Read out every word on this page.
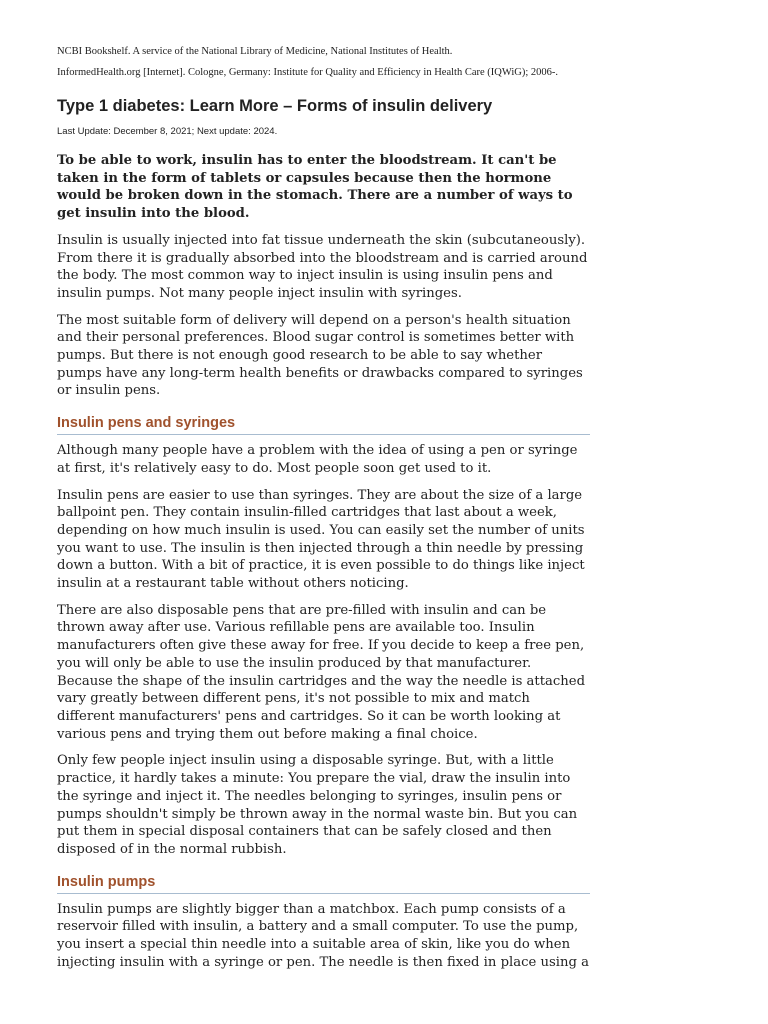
NCBI Bookshelf. A service of the National Library of Medicine, National Institutes of Health.

InformedHealth.org [Internet]. Cologne, Germany: Institute for Quality and Efficiency in Health Care (IQWiG); 2006-.

Type 1 diabetes: Learn More – Forms of insulin delivery

Last Update: December 8, 2021; Next update: 2024.

To be able to work, insulin has to enter the bloodstream. It can't be taken in the form of tablets or capsules because then the hormone would be broken down in the stomach. There are a number of ways to get insulin into the blood.

Insulin is usually injected into fat tissue underneath the skin (subcutaneously). From there it is gradually absorbed into the bloodstream and is carried around the body. The most common way to inject insulin is using insulin pens and insulin pumps. Not many people inject insulin with syringes.

The most suitable form of delivery will depend on a person's health situation and their personal preferences. Blood sugar control is sometimes better with pumps. But there is not enough good research to be able to say whether pumps have any long-term health benefits or drawbacks compared to syringes or insulin pens.

Insulin pens and syringes

Although many people have a problem with the idea of using a pen or syringe at first, it's relatively easy to do. Most people soon get used to it.

Insulin pens are easier to use than syringes. They are about the size of a large ballpoint pen. They contain insulin-filled cartridges that last about a week, depending on how much insulin is used. You can easily set the number of units you want to use. The insulin is then injected through a thin needle by pressing down a button. With a bit of practice, it is even possible to do things like inject insulin at a restaurant table without others noticing.

There are also disposable pens that are pre-filled with insulin and can be thrown away after use. Various refillable pens are available too. Insulin manufacturers often give these away for free. If you decide to keep a free pen, you will only be able to use the insulin produced by that manufacturer. Because the shape of the insulin cartridges and the way the needle is attached vary greatly between different pens, it's not possible to mix and match different manufacturers' pens and cartridges. So it can be worth looking at various pens and trying them out before making a final choice.

Only few people inject insulin using a disposable syringe. But, with a little practice, it hardly takes a minute: You prepare the vial, draw the insulin into the syringe and inject it. The needles belonging to syringes, insulin pens or pumps shouldn't simply be thrown away in the normal waste bin. But you can put them in special disposal containers that can be safely closed and then disposed of in the normal rubbish.

Insulin pumps

Insulin pumps are slightly bigger than a matchbox. Each pump consists of a reservoir filled with insulin, a battery and a small computer. To use the pump, you insert a special thin needle into a suitable area of skin, like you do when injecting insulin with a syringe or pen. The needle is then fixed in place using a
